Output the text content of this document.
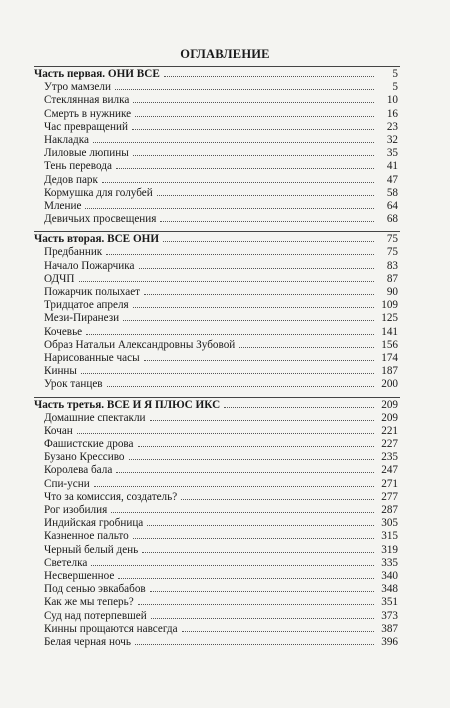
ОГЛАВЛЕНИЕ
Часть первая. ОНИ ВСЕ	5
Утро мамзели	5
Стеклянная вилка	10
Смерть в нужнике	16
Час превращений	23
Накладка	32
Лиловые люпины	35
Тень перевода	41
Дедов парк	47
Кормушка для голубей	58
Мление	64
Девичьих просвещения	68
Часть вторая. ВСЕ ОНИ	75
Предбанник	75
Начало Пожарчика	83
ОДЧП	87
Пожарчик полыхает	90
Тридцатое апреля	109
Мези-Пиранези	125
Кочевье	141
Образ Натальи Александровны Зубовой	156
Нарисованные часы	174
Кинны	187
Урок танцев	200
Часть третья. ВСЕ И Я ПЛЮС ИКС	209
Домашние спектакли	209
Кочан	221
Фашистские дрова	227
Бузано Крессиво	235
Королева бала	247
Спи-усни	271
Что за комиссия, создатель?	277
Рог изобилия	287
Индийская гробница	305
Казненное пальто	315
Черный белый день	319
Светелка	335
Несвершенное	340
Под сенью эвкабабов	348
Как же мы теперь?	351
Суд над потерпевшей	373
Кинны прощаются навсегда	387
Белая черная ночь	396
